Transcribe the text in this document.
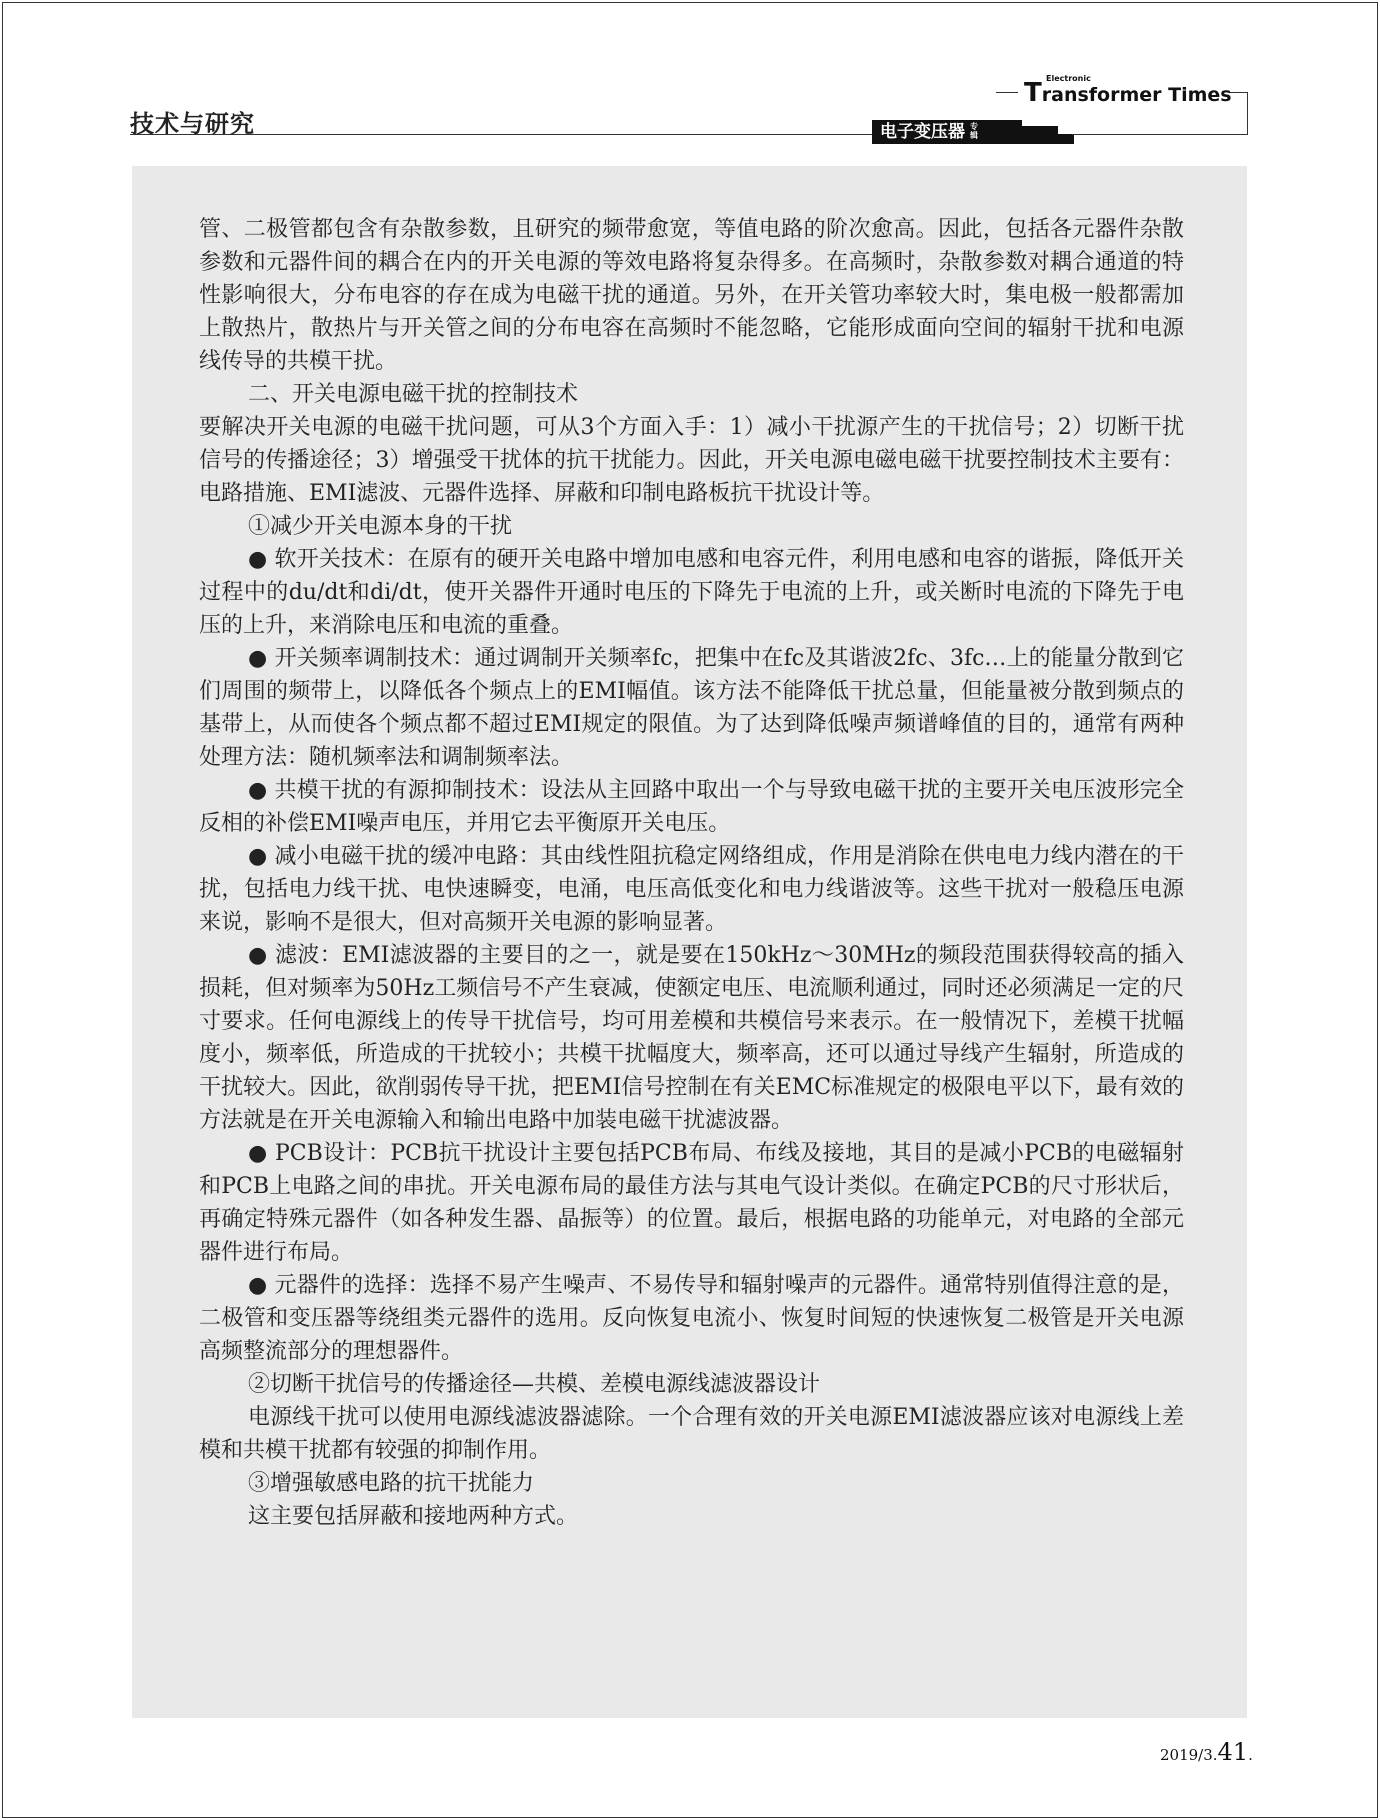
技术与研究	电子变压器 专辑
Electronic
Transformer Times

管、二极管都包含有杂散参数，且研究的频带愈宽，等值电路的阶次愈高。因此，包括各元器件杂散参数和元器件间的耦合在内的开关电源的等效电路将复杂得多。在高频时，杂散参数对耦合通道的特性影响很大，分布电容的存在成为电磁干扰的通道。另外，在开关管功率较大时，集电极一般都需加上散热片，散热片与开关管之间的分布电容在高频时不能忽略，它能形成面向空间的辐射干扰和电源线传导的共模干扰。

二、开关电源电磁干扰的控制技术

要解决开关电源的电磁干扰问题，可从3个方面入手：1）减小干扰源产生的干扰信号；2）切断干扰信号的传播途径；3）增强受干扰体的抗干扰能力。因此，开关电源电磁电磁干扰要控制技术主要有：电路措施、EMI滤波、元器件选择、屏蔽和印制电路板抗干扰设计等。

①减少开关电源本身的干扰

● 软开关技术：在原有的硬开关电路中增加电感和电容元件，利用电感和电容的谐振，降低开关过程中的du/dt和di/dt，使开关器件开通时电压的下降先于电流的上升，或关断时电流的下降先于电压的上升，来消除电压和电流的重叠。

● 开关频率调制技术：通过调制开关频率fc，把集中在fc及其谐波2fc、3fc…上的能量分散到它们周围的频带上，以降低各个频点上的EMI幅值。该方法不能降低干扰总量，但能量被分散到频点的基带上，从而使各个频点都不超过EMI规定的限值。为了达到降低噪声频谱峰值的目的，通常有两种处理方法：随机频率法和调制频率法。

● 共模干扰的有源抑制技术：设法从主回路中取出一个与导致电磁干扰的主要开关电压波形完全反相的补偿EMI噪声电压，并用它去平衡原开关电压。

● 减小电磁干扰的缓冲电路：其由线性阻抗稳定网络组成，作用是消除在供电电力线内潜在的干扰，包括电力线干扰、电快速瞬变，电涌，电压高低变化和电力线谐波等。这些干扰对一般稳压电源来说，影响不是很大，但对高频开关电源的影响显著。

● 滤波：EMI滤波器的主要目的之一，就是要在150kHz～30MHz的频段范围获得较高的插入损耗，但对频率为50Hz工频信号不产生衰减，使额定电压、电流顺利通过，同时还必须满足一定的尺寸要求。任何电源线上的传导干扰信号，均可用差模和共模信号来表示。在一般情况下，差模干扰幅度小，频率低，所造成的干扰较小；共模干扰幅度大，频率高，还可以通过导线产生辐射，所造成的干扰较大。因此，欲削弱传导干扰，把EMI信号控制在有关EMC标准规定的极限电平以下，最有效的方法就是在开关电源输入和输出电路中加装电磁干扰滤波器。

● PCB设计：PCB抗干扰设计主要包括PCB布局、布线及接地，其目的是减小PCB的电磁辐射和PCB上电路之间的串扰。开关电源布局的最佳方法与其电气设计类似。在确定PCB的尺寸形状后，再确定特殊元器件（如各种发生器、晶振等）的位置。最后，根据电路的功能单元，对电路的全部元器件进行布局。

● 元器件的选择：选择不易产生噪声、不易传导和辐射噪声的元器件。通常特别值得注意的是，二极管和变压器等绕组类元器件的选用。反向恢复电流小、恢复时间短的快速恢复二极管是开关电源高频整流部分的理想器件。

②切断干扰信号的传播途径—共模、差模电源线滤波器设计

电源线干扰可以使用电源线滤波器滤除。一个合理有效的开关电源EMI滤波器应该对电源线上差模和共模干扰都有较强的抑制作用。

③增强敏感电路的抗干扰能力

这主要包括屏蔽和接地两种方式。

2019/3.41.
